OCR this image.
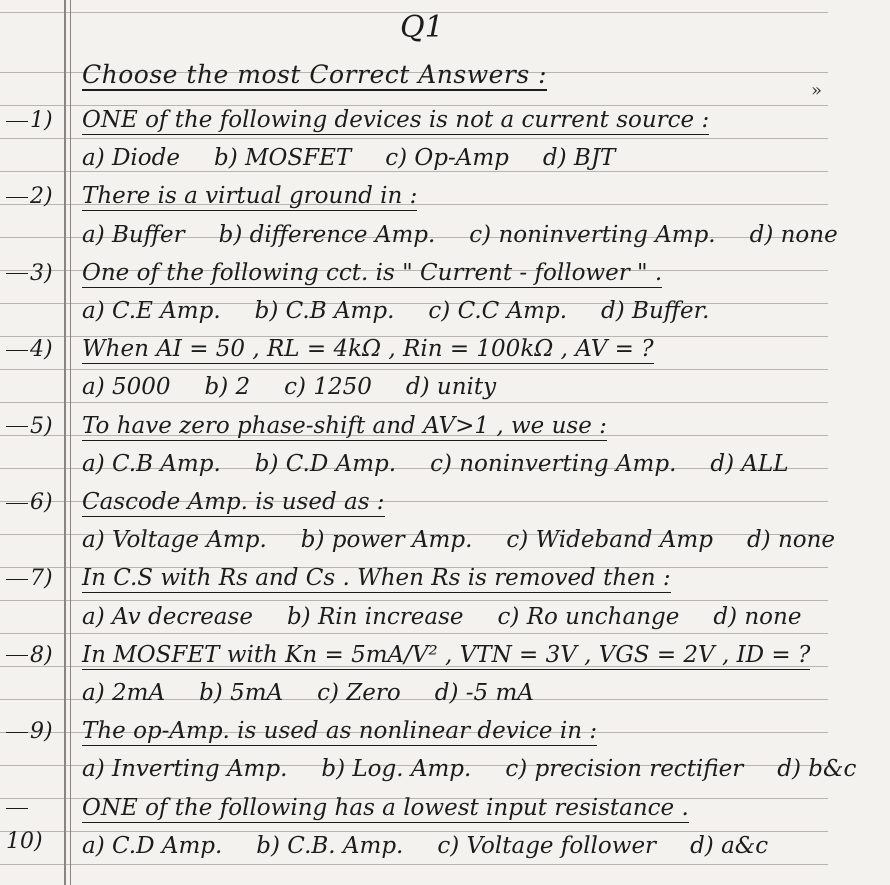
»
Q1
Choose the most Correct Answers :
1)	ONE of the following devices is not a current source :
a) Diode b) MOSFET c) Op-Amp d) BJT
2)	There is a virtual ground in :
a) Buffer b) difference Amp. c) noninverting Amp. d) none
3)	One of the following cct. is " Current - follower " .
a) C.E Amp. b) C.B Amp. c) C.C Amp. d) Buffer.
4)	When AI = 50 , RL = 4kΩ , Rin = 100kΩ , AV = ?
a) 5000 b) 2 c) 1250 d) unity
5)	To have zero phase-shift and AV>1 , we use :
a) C.B Amp. b) C.D Amp. c) noninverting Amp. d) ALL
6)	Cascode Amp. is used as :
a) Voltage Amp. b) power Amp. c) Wideband Amp d) none
7)	In C.S with Rs and Cs . When Rs is removed then :
a) Av decrease b) Rin increase c) Ro unchange d) none
8)	In MOSFET with Kn = 5mA/V² , VTN = 3V , VGS = 2V , ID = ?
a) 2mA b) 5mA c) Zero d) -5 mA
9)	The op-Amp. is used as nonlinear device in :
a) Inverting Amp. b) Log. Amp. c) precision rectifier d) b&c
10)
ONE of the following has a lowest input resistance .
a) C.D Amp. b) C.B. Amp. c) Voltage follower d) a&c
